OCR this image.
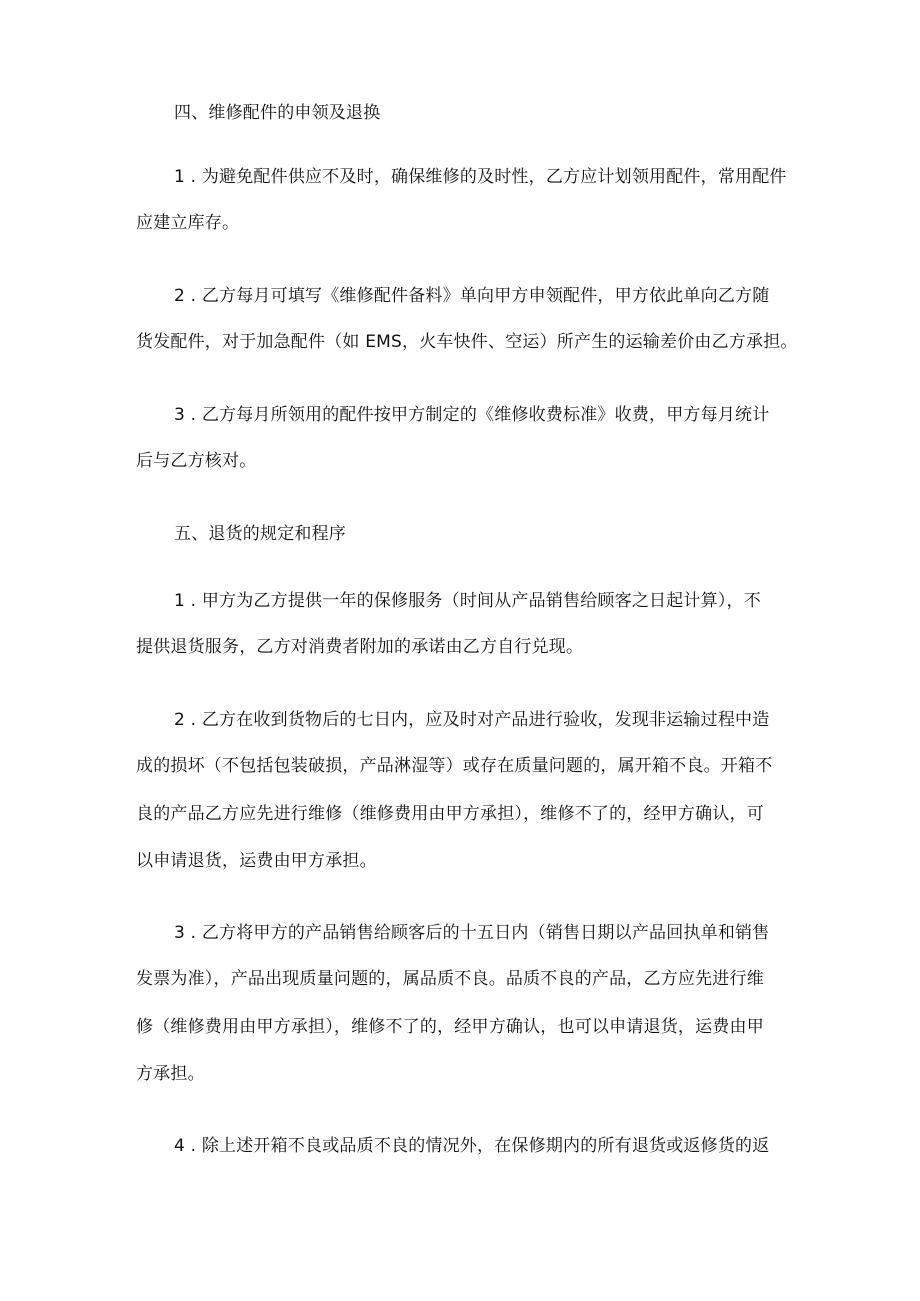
四、维修配件的申领及退换
1 . 为避免配件供应不及时，确保维修的及时性，乙方应计划领用配件，常用配件
应建立库存。
2 . 乙方每月可填写《维修配件备料》单向甲方申领配件，甲方依此单向乙方随
货发配件，对于加急配件（如 EMS，火车快件、空运）所产生的运输差价由乙方承担。
3 . 乙方每月所领用的配件按甲方制定的《维修收费标准》收费，甲方每月统计
后与乙方核对。
五、退货的规定和程序
1 . 甲方为乙方提供一年的保修服务（时间从产品销售给顾客之日起计算），不
提供退货服务，乙方对消费者附加的承诺由乙方自行兑现。
2 . 乙方在收到货物后的七日内，应及时对产品进行验收，发现非运输过程中造
成的损坏（不包括包装破损，产品淋湿等）或存在质量问题的，属开箱不良。开箱不
良的产品乙方应先进行维修（维修费用由甲方承担），维修不了的，经甲方确认，可
以申请退货，运费由甲方承担。
3 . 乙方将甲方的产品销售给顾客后的十五日内（销售日期以产品回执单和销售
发票为准），产品出现质量问题的，属品质不良。品质不良的产品，乙方应先进行维
修（维修费用由甲方承担），维修不了的，经甲方确认，也可以申请退货，运费由甲
方承担。
4 . 除上述开箱不良或品质不良的情况外，在保修期内的所有退货或返修货的返
